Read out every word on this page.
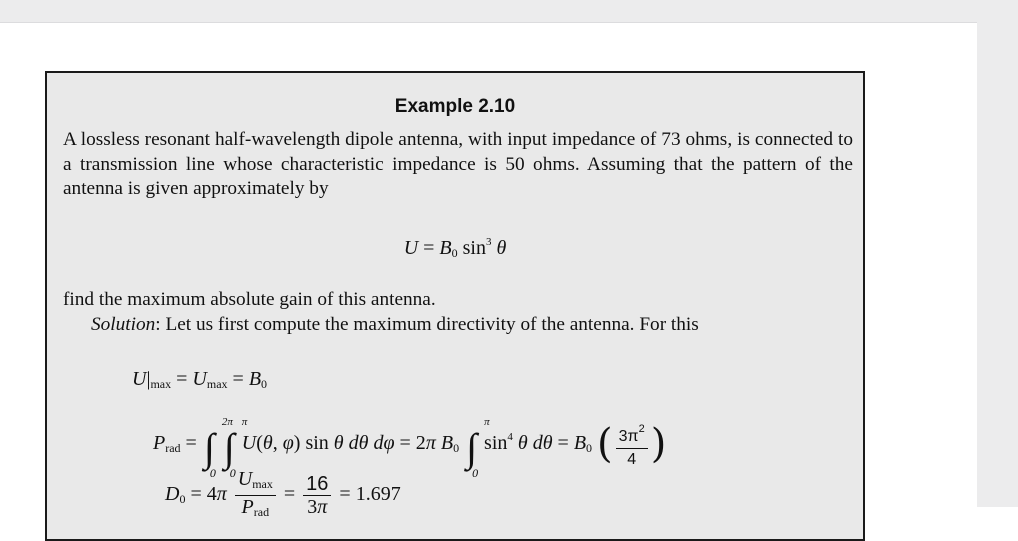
Example 2.10
A lossless resonant half-wavelength dipole antenna, with input impedance of 73 ohms, is connected to a transmission line whose characteristic impedance is 50 ohms. Assuming that the pattern of the antenna is given approximately by
$U = B_0$ $\sin^3 \theta$
find the maximum absolute gain of this antenna.
Solution: Let us first compute the maximum directivity of the antenna. For this
$U|_{max} = U_{max} = B_0$
$P_{rad}$ = ∫
2π
0
∫
π
0
U(θ, φ) sin θ dθ dφ = 2π $B_0$ ∫
π
0
$\sin^4 \theta$ $d\theta = B_0$ ( $\frac{3\pi^2}{4}$ )
$D_0 = 4\pi \frac{U_{max}}{P_{rad}} = \frac{16}{3\pi} = 1.697$
